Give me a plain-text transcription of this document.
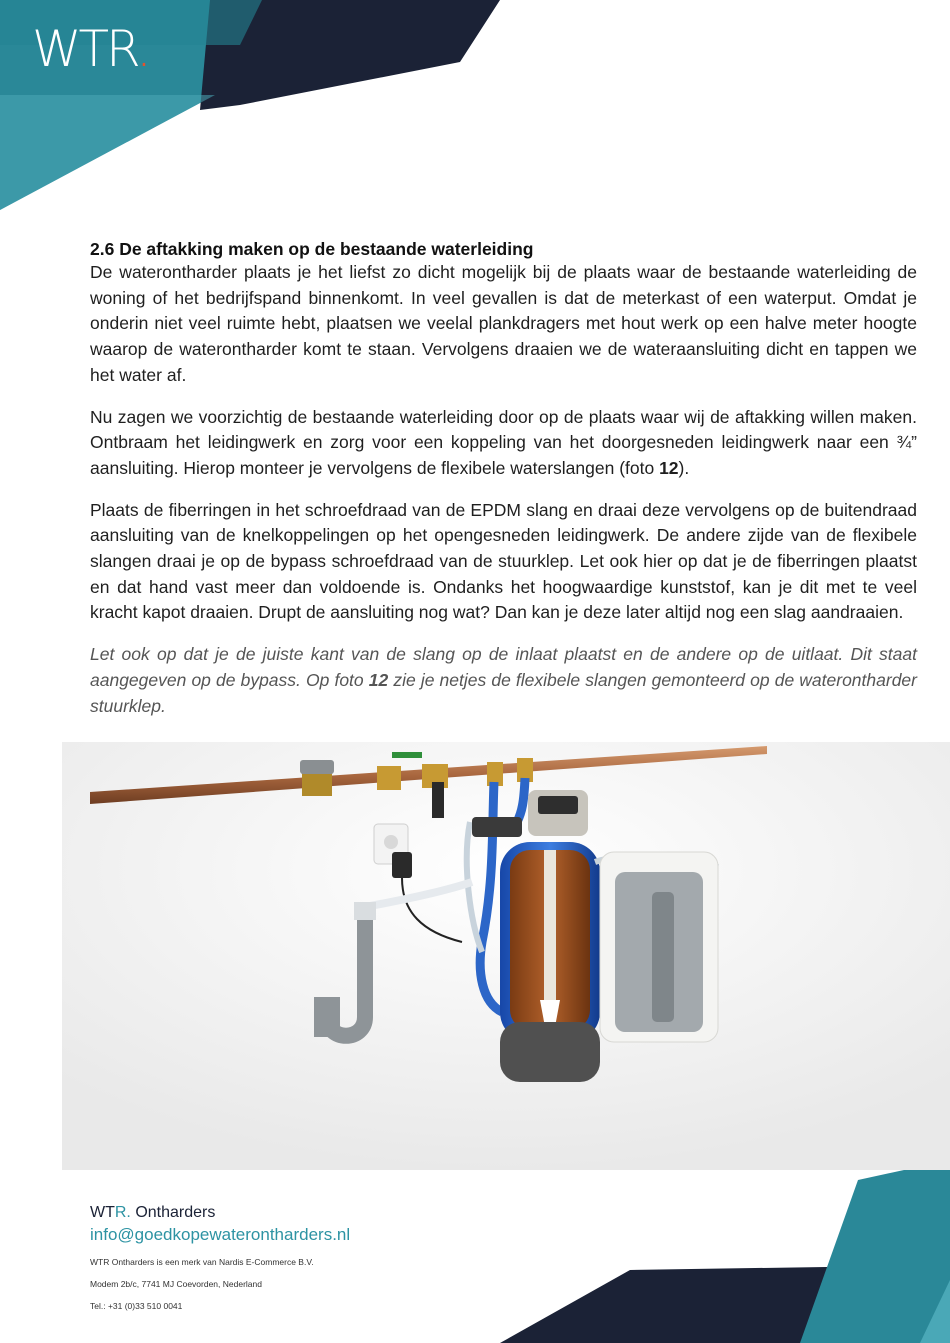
WTR.
2.6 De aftakking maken op de bestaande waterleiding

De waterontharder plaats je het liefst zo dicht mogelijk bij de plaats waar de bestaande waterleiding de woning of het bedrijfspand binnenkomt. In veel gevallen is dat de meterkast of een waterput. Omdat je onderin niet veel ruimte hebt, plaatsen we veelal plankdragers met hout werk op een halve meter hoogte waarop de waterontharder komt te staan. Vervolgens draaien we de wateraansluiting dicht en tappen we het water af.

Nu zagen we voorzichtig de bestaande waterleiding door op de plaats waar wij de aftakking willen maken. Ontbraam het leidingwerk en zorg voor een koppeling van het doorgesneden leidingwerk naar een ¾” aansluiting. Hierop monteer je vervolgens de flexibele waterslangen (foto 12).

Plaats de fiberringen in het schroefdraad van de EPDM slang en draai deze vervolgens op de buitendraad aansluiting van de knelkoppelingen op het opengesneden leidingwerk. De andere zijde van de flexibele slangen draai je op de bypass schroefdraad van de stuurklep. Let ook hier op dat je de fiberringen plaatst en dat hand vast meer dan voldoende is. Ondanks het hoogwaardige kunststof, kan je dit met te veel kracht kapot draaien. Drupt de aansluiting nog wat? Dan kan je deze later altijd nog een slag aandraaien.

Let ook op dat je de juiste kant van de slang op de inlaat plaatst en de andere op de uitlaat. Dit staat aangegeven op de bypass. Op foto 12 zie je netjes de flexibele slangen gemonteerd op de waterontharder stuurklep.

WTR. Ontharders
info@goedkopewaterontharders.nl
WTR Ontharders is een merk van Nardis E-Commerce B.V.
Modem 2b/c, 7741 MJ Coevorden, Nederland
Tel.: +31 (0)33 510 0041
